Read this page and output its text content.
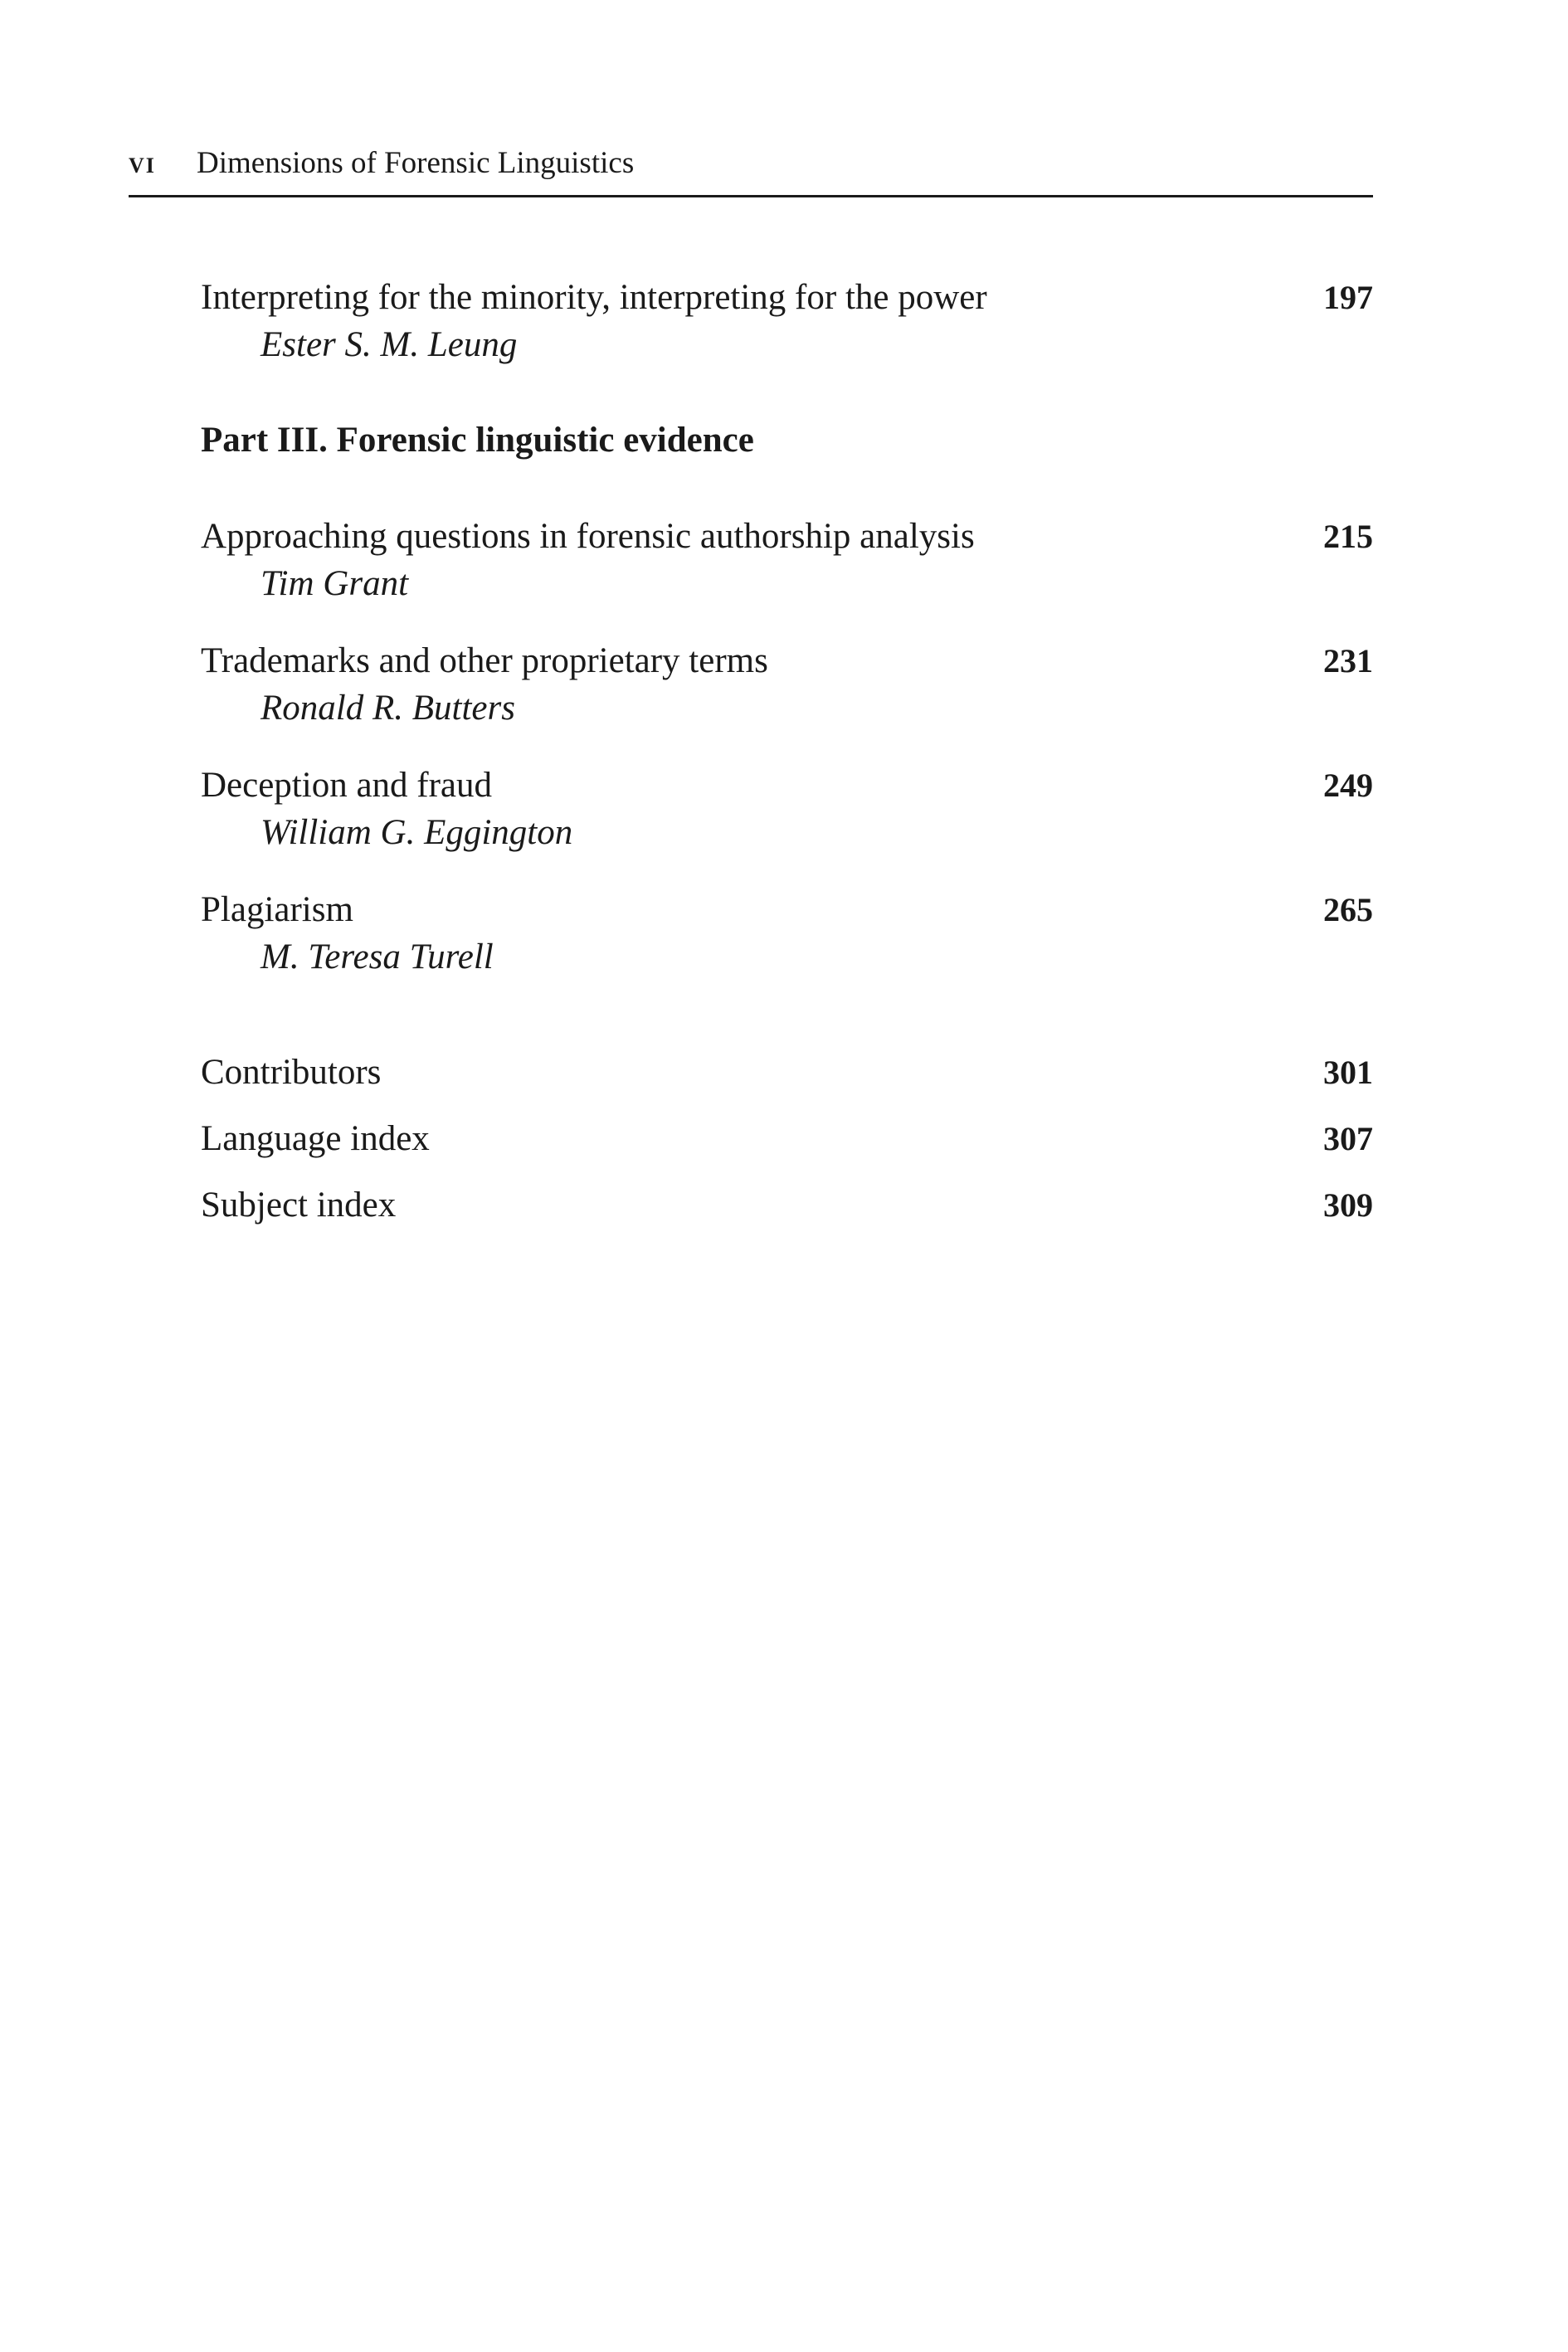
vi Dimensions of Forensic Linguistics
Interpreting for the minority, interpreting for the power	197
Ester S. M. Leung
Part III. Forensic linguistic evidence
Approaching questions in forensic authorship analysis	215
Tim Grant
Trademarks and other proprietary terms	231
Ronald R. Butters
Deception and fraud	249
William G. Eggington
Plagiarism	265
M. Teresa Turell
Contributors	301
Language index	307
Subject index	309
